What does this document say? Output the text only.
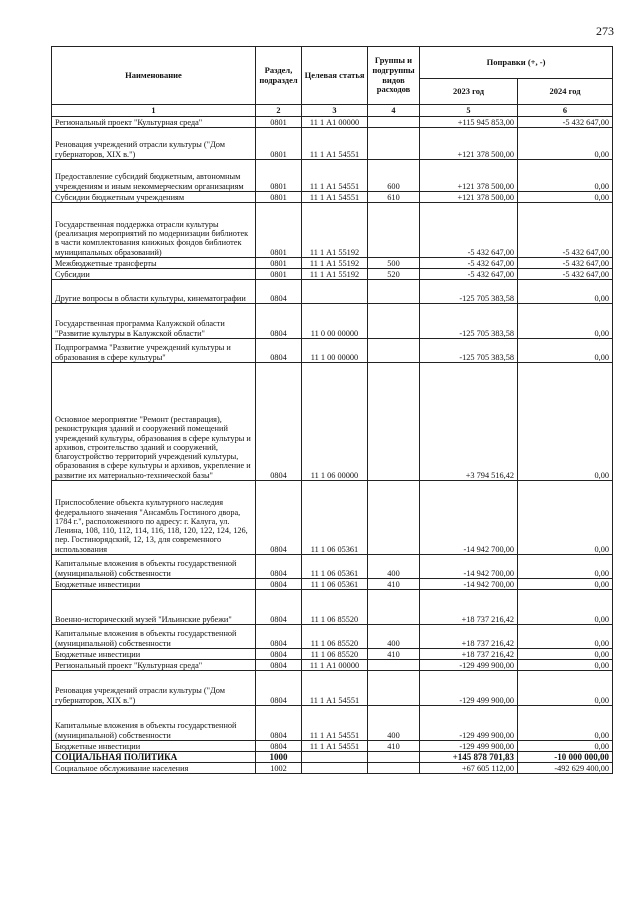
273
Наименование	Раздел, подраздел	Целевая статья	Группы и подгруппы видов расходов	Поправки (+, -)	
				2023 год	2024 год
1	2	3	4	5	6
Региональный проект "Культурная среда"	0801	11 1 А1 00000		+115 945 853,00	-5 432 647,00
Реновация учреждений отрасли культуры ("Дом губернаторов, XIX в.")	0801	11 1 А1 54551		+121 378 500,00	0,00
Предоставление субсидий бюджетным, автономным учреждениям и иным некоммерческим организациям	0801	11 1 А1 54551	600	+121 378 500,00	0,00
Субсидии бюджетным учреждениям	0801	11 1 А1 54551	610	+121 378 500,00	0,00
Государственная поддержка отрасли культуры (реализация мероприятий по модернизации библиотек в части комплектования книжных фондов библиотек муниципальных образований)	0801	11 1 А1 55192		-5 432 647,00	-5 432 647,00
Межбюджетные трансферты	0801	11 1 А1 55192	500	-5 432 647,00	-5 432 647,00
Субсидии	0801	11 1 А1 55192	520	-5 432 647,00	-5 432 647,00
Другие вопросы в области культуры, кинематографии	0804			-125 705 383,58	0,00
Государственная программа Калужской области "Развитие культуры в Калужской области"	0804	11 0 00 00000		-125 705 383,58	0,00
Подпрограмма "Развитие учреждений культуры и образования в сфере культуры"	0804	11 1 00 00000		-125 705 383,58	0,00
Основное мероприятие "Ремонт (реставрация), реконструкция зданий и сооружений помещений учреждений культуры, образования в сфере культуры и архивов, строительство зданий и сооружений, благоустройство территорий учреждений культуры, образования в сфере культуры и архивов, укрепление и развитие их материально-технической базы"	0804	11 1 06 00000		+3 794 516,42	0,00
Приспособление объекта культурного наследия федерального значения "Ансамбль Гостиного двора, 1784 г.", расположенного по адресу: г. Калуга, ул. Ленина, 108, 110, 112, 114, 116, 118, 120, 122, 124, 126, пер. Гостинорядский, 12, 13, для современного использования	0804	11 1 06 05361		-14 942 700,00	0,00
Капитальные вложения в объекты государственной (муниципальной) собственности	0804	11 1 06 05361	400	-14 942 700,00	0,00
Бюджетные инвестиции	0804	11 1 06 05361	410	-14 942 700,00	0,00
Военно-исторический музей "Ильинские рубежи"	0804	11 1 06 85520		+18 737 216,42	0,00
Капитальные вложения в объекты государственной (муниципальной) собственности	0804	11 1 06 85520	400	+18 737 216,42	0,00
Бюджетные инвестиции	0804	11 1 06 85520	410	+18 737 216,42	0,00
Региональный проект "Культурная среда"	0804	11 1 А1 00000		-129 499 900,00	0,00
Реновация учреждений отрасли культуры ("Дом губернаторов, XIX в.")	0804	11 1 А1 54551		-129 499 900,00	0,00
Капитальные вложения в объекты государственной (муниципальной) собственности	0804	11 1 А1 54551	400	-129 499 900,00	0,00
Бюджетные инвестиции	0804	11 1 А1 54551	410	-129 499 900,00	0,00
СОЦИАЛЬНАЯ ПОЛИТИКА	1000			+145 878 701,83	-10 000 000,00
Социальное обслуживание населения	1002			+67 605 112,00	-492 629 400,00
